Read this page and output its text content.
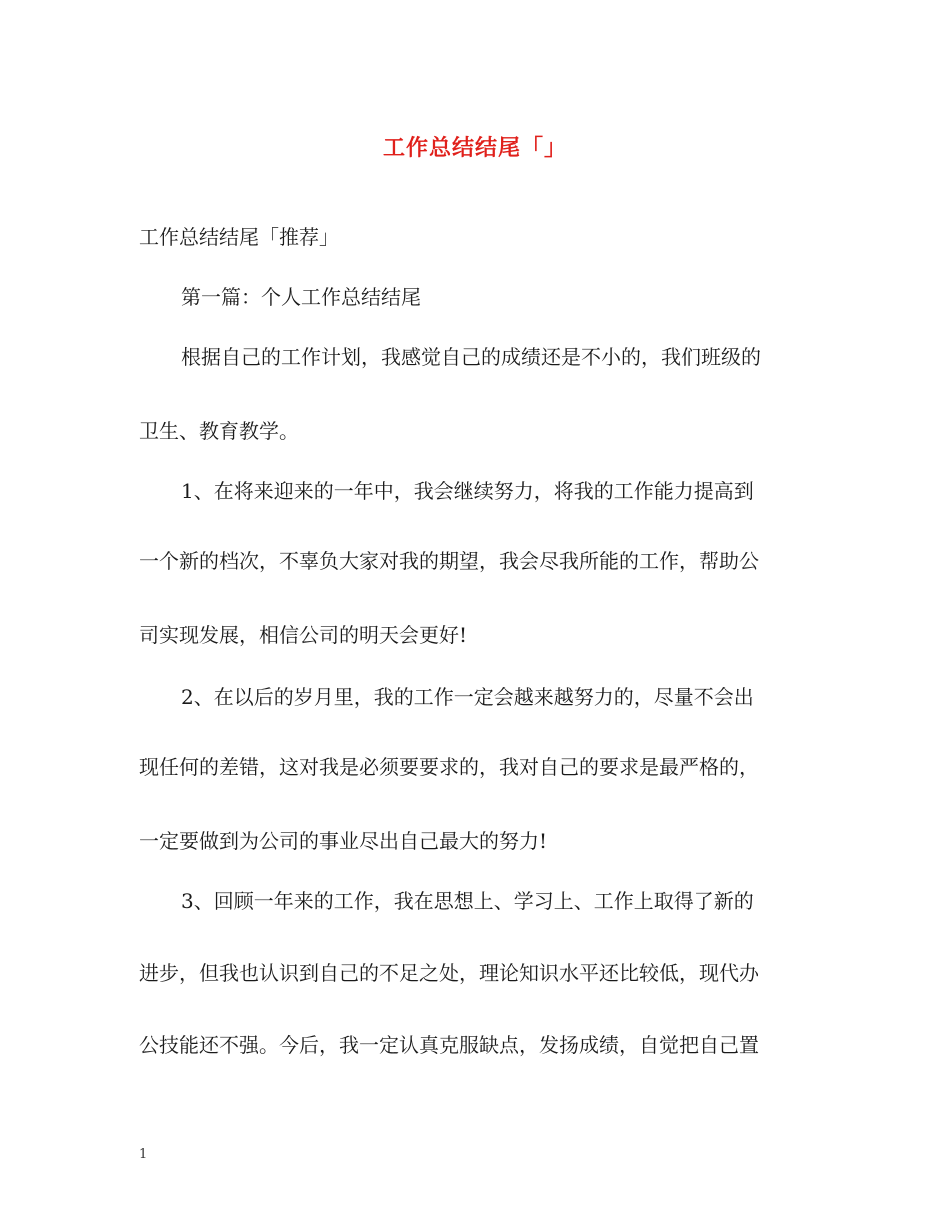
工作总结结尾「」
工作总结结尾「推荐」
第一篇：个人工作总结结尾
根据自己的工作计划，我感觉自己的成绩还是不小的，我们班级的
卫生、教育教学。
1、在将来迎来的一年中，我会继续努力，将我的工作能力提高到
一个新的档次，不辜负大家对我的期望，我会尽我所能的工作，帮助公
司实现发展，相信公司的明天会更好!
2、在以后的岁月里，我的工作一定会越来越努力的，尽量不会出
现任何的差错，这对我是必须要要求的，我对自己的要求是最严格的，
一定要做到为公司的事业尽出自己最大的努力!
3、回顾一年来的工作，我在思想上、学习上、工作上取得了新的
进步，但我也认识到自己的不足之处，理论知识水平还比较低，现代办
公技能还不强。今后，我一定认真克服缺点，发扬成绩，自觉把自己置
1
